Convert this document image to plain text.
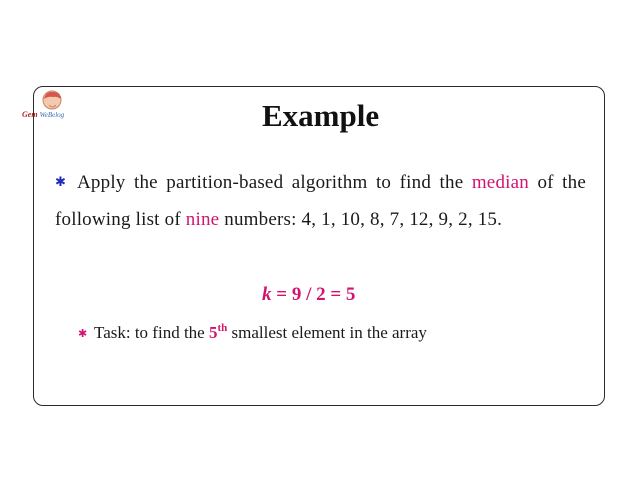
Gem WeBelog	Example
✱ Apply the partition-based algorithm to find the median of the following list of nine numbers: 4, 1, 10, 8, 7, 12, 9, 2, 15.
k = 9 / 2 = 5
✱ Task: to find the 5th smallest element in the array
